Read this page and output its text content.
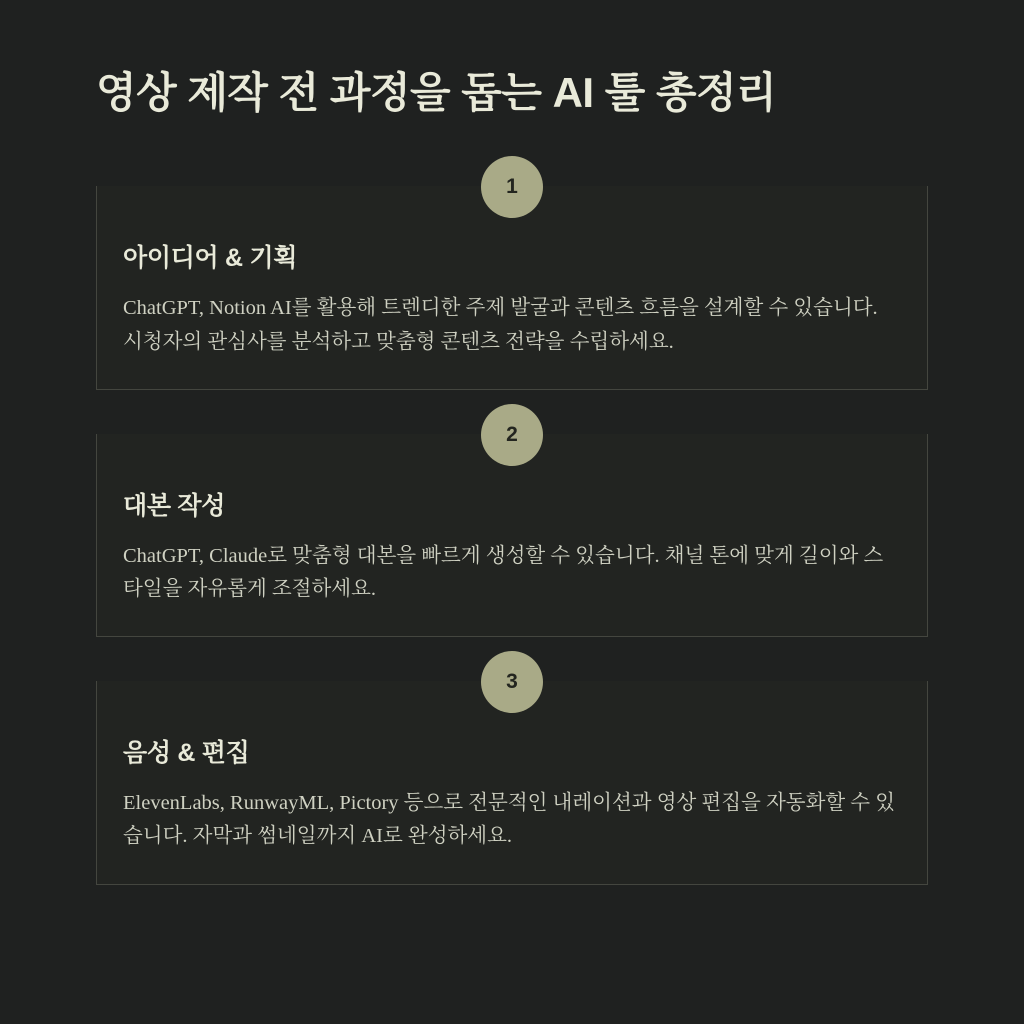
영상 제작 전 과정을 돕는 AI 툴 총정리
1
아이디어 & 기획

ChatGPT, Notion AI를 활용해 트렌디한 주제 발굴과 콘텐츠 흐름을 설계할 수 있습니다. 시청자의 관심사를 분석하고 맞춤형 콘텐츠 전략을 수립하세요.

2
대본 작성

ChatGPT, Claude로 맞춤형 대본을 빠르게 생성할 수 있습니다. 채널 톤에 맞게 길이와 스타일을 자유롭게 조절하세요.

3
음성 & 편집

ElevenLabs, RunwayML, Pictory 등으로 전문적인 내레이션과 영상 편집을 자동화할 수 있습니다. 자막과 썸네일까지 AI로 완성하세요.
